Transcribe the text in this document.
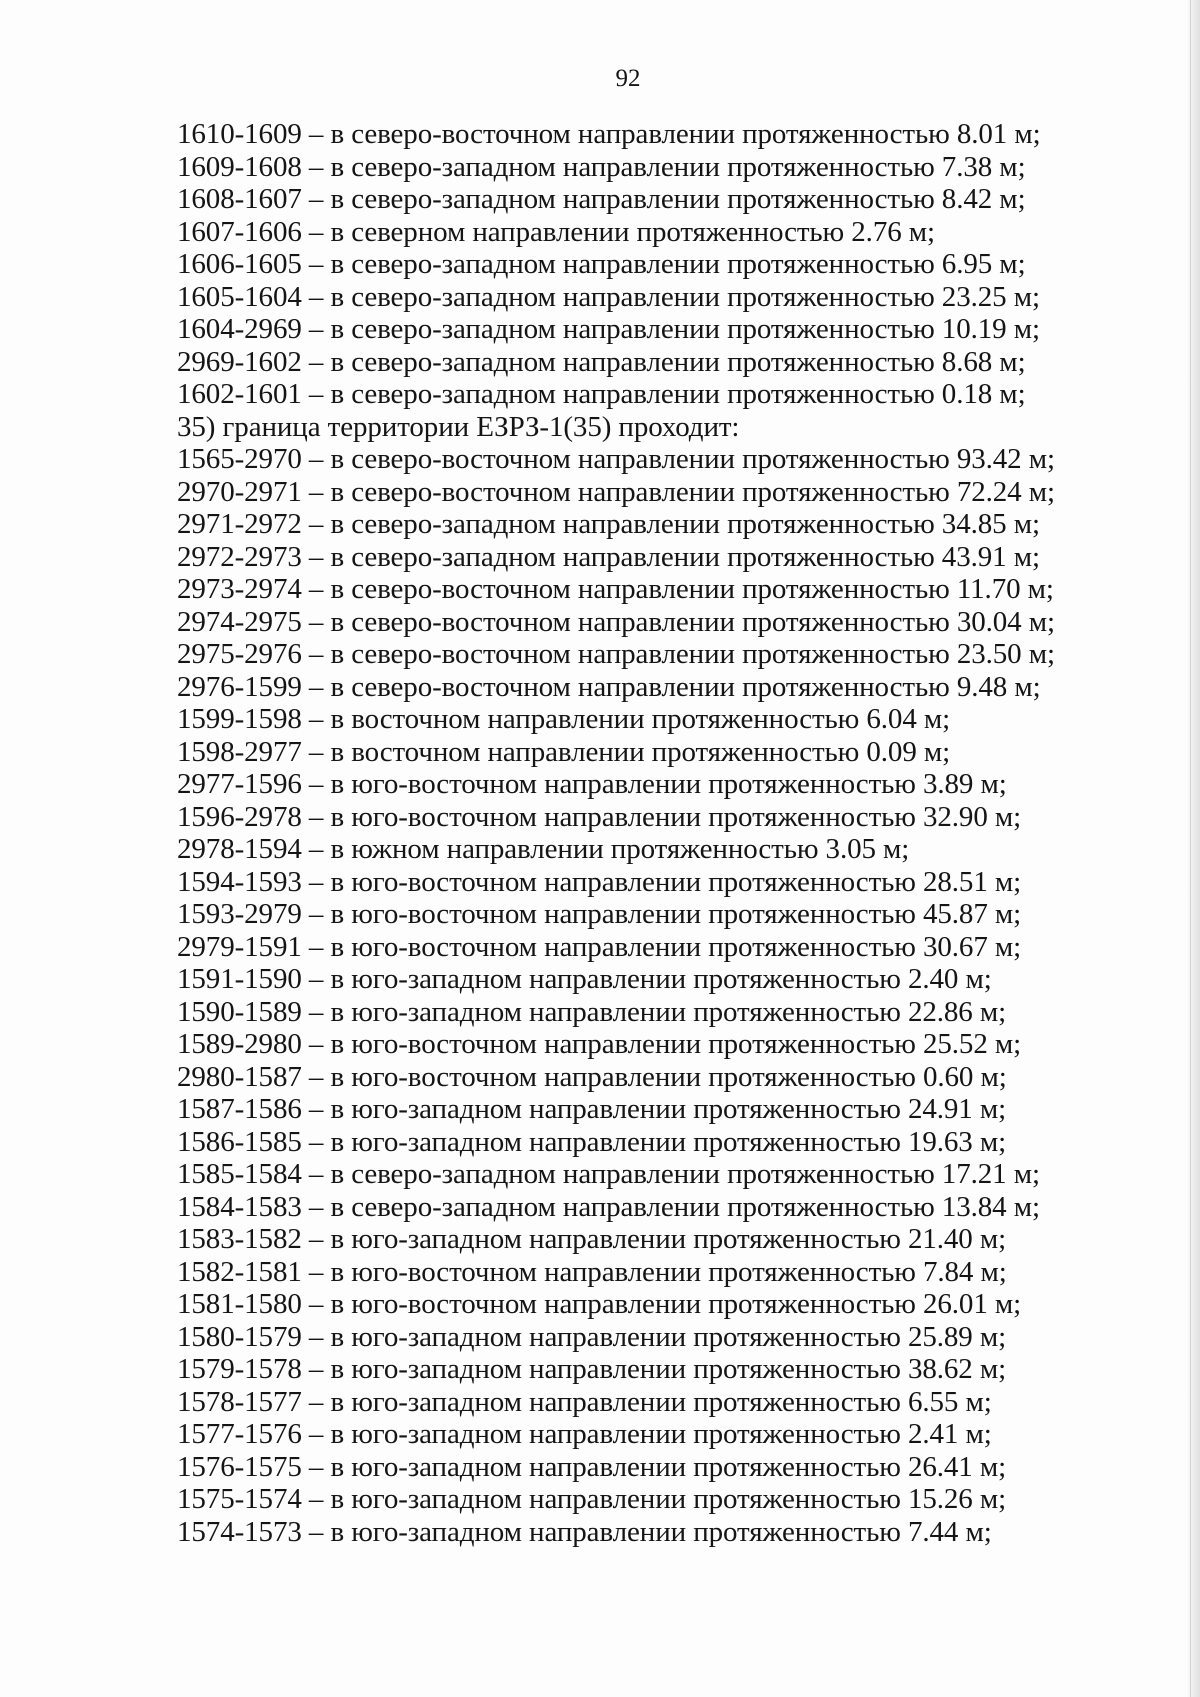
92
1610-1609 – в северо-восточном направлении протяженностью 8.01 м;
1609-1608 – в северо-западном направлении протяженностью 7.38 м;
1608-1607 – в северо-западном направлении протяженностью 8.42 м;
1607-1606 – в северном направлении протяженностью 2.76 м;
1606-1605 – в северо-западном направлении протяженностью 6.95 м;
1605-1604 – в северо-западном направлении протяженностью 23.25 м;
1604-2969 – в северо-западном направлении протяженностью 10.19 м;
2969-1602 – в северо-западном направлении протяженностью 8.68 м;
1602-1601 – в северо-западном направлении протяженностью 0.18 м;
35) граница территории ЕЗРЗ-1(35) проходит:
1565-2970 – в северо-восточном направлении протяженностью 93.42 м;
2970-2971 – в северо-восточном направлении протяженностью 72.24 м;
2971-2972 – в северо-западном направлении протяженностью 34.85 м;
2972-2973 – в северо-западном направлении протяженностью 43.91 м;
2973-2974 – в северо-восточном направлении протяженностью 11.70 м;
2974-2975 – в северо-восточном направлении протяженностью 30.04 м;
2975-2976 – в северо-восточном направлении протяженностью 23.50 м;
2976-1599 – в северо-восточном направлении протяженностью 9.48 м;
1599-1598 – в восточном направлении протяженностью 6.04 м;
1598-2977 – в восточном направлении протяженностью 0.09 м;
2977-1596 – в юго-восточном направлении протяженностью 3.89 м;
1596-2978 – в юго-восточном направлении протяженностью 32.90 м;
2978-1594 – в южном направлении протяженностью 3.05 м;
1594-1593 – в юго-восточном направлении протяженностью 28.51 м;
1593-2979 – в юго-восточном направлении протяженностью 45.87 м;
2979-1591 – в юго-восточном направлении протяженностью 30.67 м;
1591-1590 – в юго-западном направлении протяженностью 2.40 м;
1590-1589 – в юго-западном направлении протяженностью 22.86 м;
1589-2980 – в юго-восточном направлении протяженностью 25.52 м;
2980-1587 – в юго-восточном направлении протяженностью 0.60 м;
1587-1586 – в юго-западном направлении протяженностью 24.91 м;
1586-1585 – в юго-западном направлении протяженностью 19.63 м;
1585-1584 – в северо-западном направлении протяженностью 17.21 м;
1584-1583 – в северо-западном направлении протяженностью 13.84 м;
1583-1582 – в юго-западном направлении протяженностью 21.40 м;
1582-1581 – в юго-восточном направлении протяженностью 7.84 м;
1581-1580 – в юго-восточном направлении протяженностью 26.01 м;
1580-1579 – в юго-западном направлении протяженностью 25.89 м;
1579-1578 – в юго-западном направлении протяженностью 38.62 м;
1578-1577 – в юго-западном направлении протяженностью 6.55 м;
1577-1576 – в юго-западном направлении протяженностью 2.41 м;
1576-1575 – в юго-западном направлении протяженностью 26.41 м;
1575-1574 – в юго-западном направлении протяженностью 15.26 м;
1574-1573 – в юго-западном направлении протяженностью 7.44 м;
